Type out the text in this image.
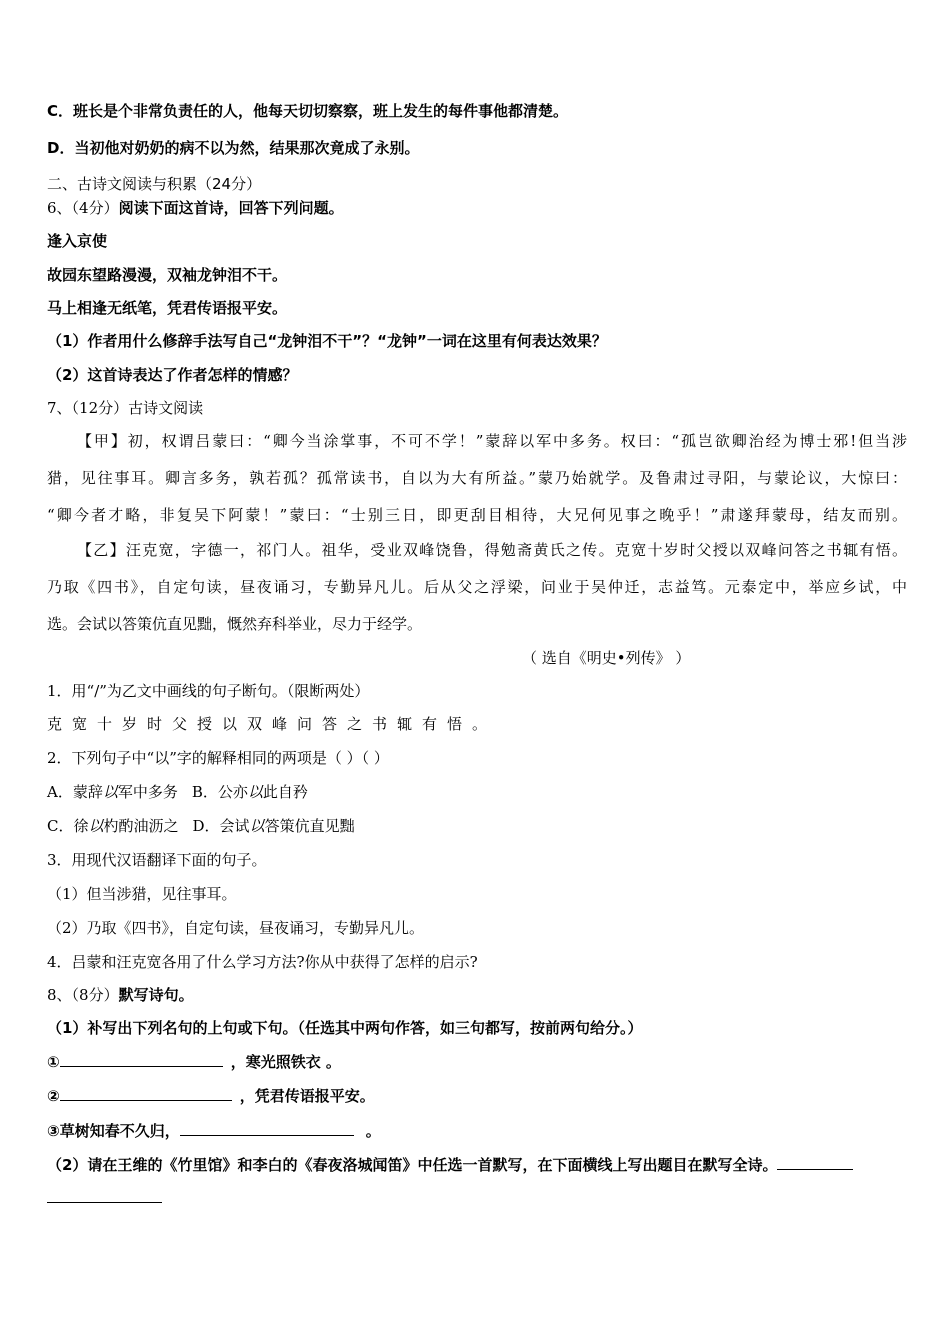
C．班长是个非常负责任的人，他每天切切察察，班上发生的每件事他都清楚。
D．当初他对奶奶的病不以为然，结果那次竟成了永别。
二、古诗文阅读与积累（24分）
6、（4分）阅读下面这首诗，回答下列问题。
逢入京使
故园东望路漫漫，双袖龙钟泪不干。
马上相逢无纸笔，凭君传语报平安。
（1）作者用什么修辞手法写自己“龙钟泪不干”？“龙钟”一词在这里有何表达效果？
（2）这首诗表达了作者怎样的情感？
7、（12分）古诗文阅读
【甲】初，权谓吕蒙曰：“卿今当涂掌事，不可不学！”蒙辞以军中多务。权曰：“孤岂欲卿治经为博士邪!但当涉
猎，见往事耳。卿言多务，孰若孤？孤常读书，自以为大有所益。”蒙乃始就学。及鲁肃过寻阳，与蒙论议，大惊曰：
“卿今者才略，非复吴下阿蒙！”蒙曰：“士别三日，即更刮目相待，大兄何见事之晚乎！”肃遂拜蒙母，结友而别。
【乙】汪克宽，字德一，祁门人。祖华，受业双峰饶鲁，得勉斋黄氏之传。克宽十岁时父授以双峰问答之书辄有悟。
乃取《四书》，自定句读，昼夜诵习，专勤异凡儿。后从父之浮梁，问业于吴仲迁，志益笃。元泰定中，举应乡试，中
选。会试以答策伉直见黜，慨然弃科举业，尽力于经学。
（ 选自《明史•列传》 ）
1．用“/”为乙文中画线的句子断句。（限断两处）
克宽十岁时父授以双峰问答之书辄有悟。
2．下列句子中“以”字的解释相同的两项是（ ）（ ）
A．蒙辞以军中多务 B．公亦以此自矜
C．徐以杓酌油沥之 D．会试以答策伉直见黜
3．用现代汉语翻译下面的句子。
（1）但当涉猎，见往事耳。
（2）乃取《四书》，自定句读，昼夜诵习，专勤异凡儿。
4．吕蒙和汪克宽各用了什么学习方法?你从中获得了怎样的启示?
8、（8分）默写诗句。
（1）补写出下列名句的上句或下句。（任选其中两句作答，如三句都写，按前两句给分。）
①	，寒光照铁衣 。
②	，凭君传语报平安。
③草树知春不久归，	。
（2）请在王维的《竹里馆》和李白的《春夜洛城闻笛》中任选一首默写，在下面横线上写出题目在默写全诗。
